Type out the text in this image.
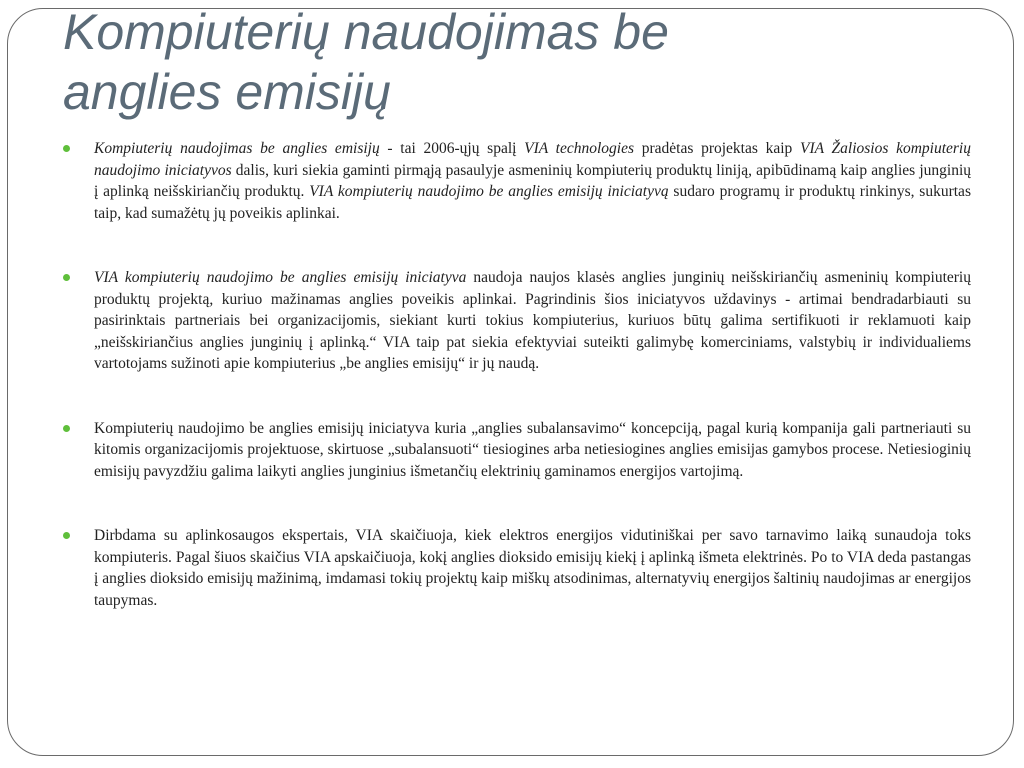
Kompiuterių naudojimas be
anglies emisijų
Kompiuterių naudojimas be anglies emisijų - tai 2006-ųjų spalį VIA technologies pradėtas projektas kaip VIA Žaliosios kompiuterių naudojimo iniciatyvos dalis, kuri siekia gaminti pirmąją pasaulyje asmeninių kompiuterių produktų liniją, apibūdinamą kaip anglies junginių į aplinką neišskiriančių produktų. VIA kompiuterių naudojimo be anglies emisijų iniciatyvą sudaro programų ir produktų rinkinys, sukurtas taip, kad sumažėtų jų poveikis aplinkai.
VIA kompiuterių naudojimo be anglies emisijų iniciatyva naudoja naujos klasės anglies junginių neišskiriančių asmeninių kompiuterių produktų projektą, kuriuo mažinamas anglies poveikis aplinkai. Pagrindinis šios iniciatyvos uždavinys - artimai bendradarbiauti su pasirinktais partneriais bei organizacijomis, siekiant kurti tokius kompiuterius, kuriuos būtų galima sertifikuoti ir reklamuoti kaip „neišskiriančius anglies junginių į aplinką.“ VIA taip pat siekia efektyviai suteikti galimybę komerciniams, valstybių ir individualiems vartotojams sužinoti apie kompiuterius „be anglies emisijų“ ir jų naudą.
Kompiuterių naudojimo be anglies emisijų iniciatyva kuria „anglies subalansavimo“ koncepciją, pagal kurią kompanija gali partneriauti su kitomis organizacijomis projektuose, skirtuose „subalansuoti“ tiesiogines arba netiesiogines anglies emisijas gamybos procese. Netiesioginių emisijų pavyzdžiu galima laikyti anglies junginius išmetančių elektrinių gaminamos energijos vartojimą.
Dirbdama su aplinkosaugos ekspertais, VIA skaičiuoja, kiek elektros energijos vidutiniškai per savo tarnavimo laiką sunaudoja toks kompiuteris. Pagal šiuos skaičius VIA apskaičiuoja, kokį anglies dioksido emisijų kiekį į aplinką išmeta elektrinės. Po to VIA deda pastangas į anglies dioksido emisijų mažinimą, imdamasi tokių projektų kaip miškų atsodinimas, alternatyvių energijos šaltinių naudojimas ar energijos taupymas.
